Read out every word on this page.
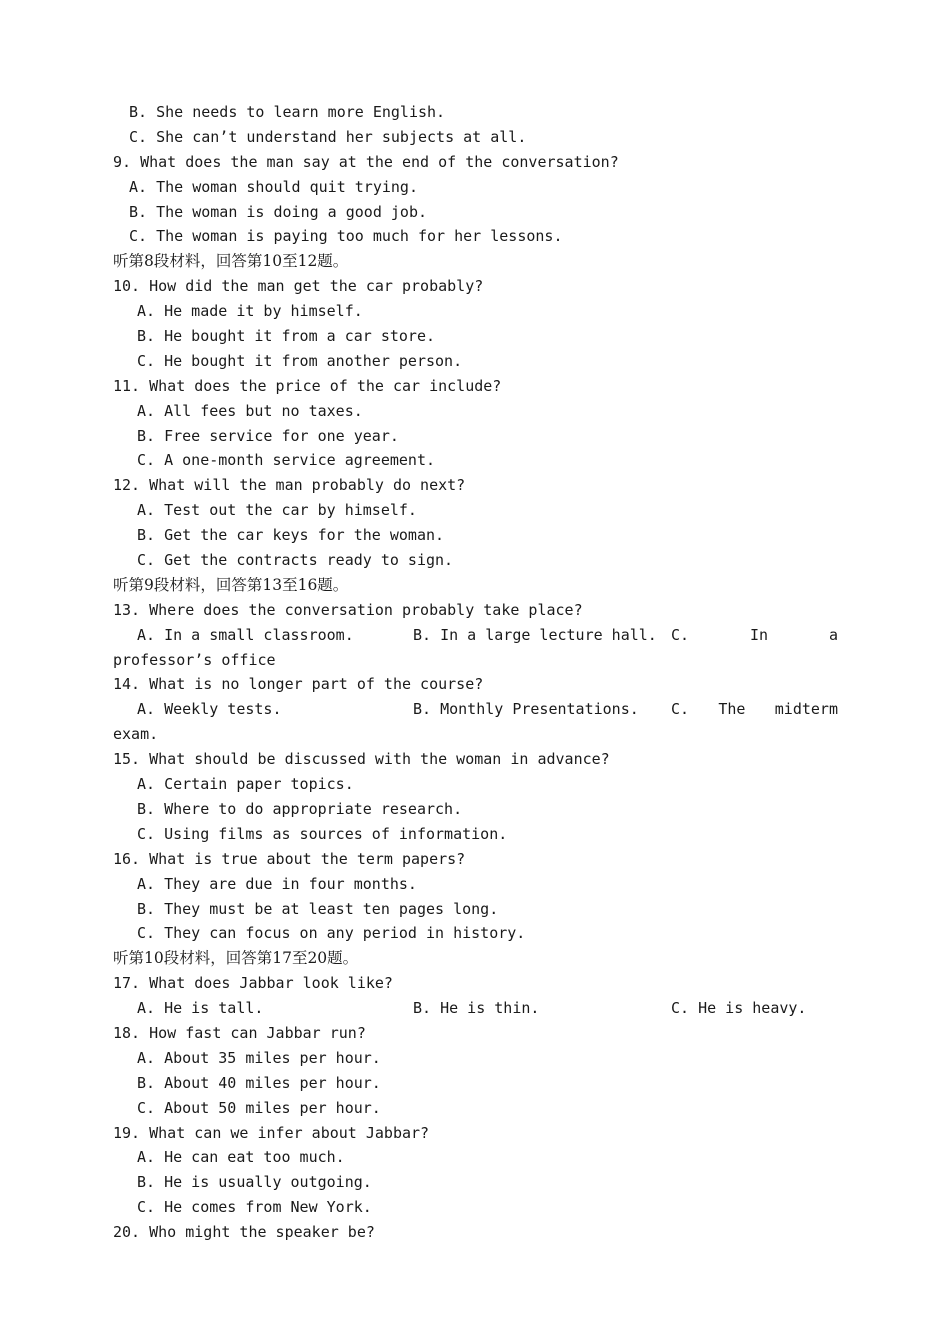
B. She needs to learn more English.
C. She can’t understand her subjects at all.
9. What does the man say at the end of the conversation?
A. The woman should quit trying.
B. The woman is doing a good job.
C. The woman is paying too much for her lessons.
听第8段材料，回答第10至12题。
10. How did the man get the car probably?
A. He made it by himself.
B. He bought it from a car store.
C. He bought it from another person.
11. What does the price of the car include?
A. All fees but no taxes.
B. Free service for one year.
C. A one-month service agreement.
12. What will the man probably do next?
A. Test out the car by himself.
B. Get the car keys for the woman.
C. Get the contracts ready to sign.
听第9段材料，回答第13至16题。
13. Where does the conversation probably take place?
A. In a small classroom.	B. In a large lecture hall. C.	In	a
professor’s office
14. What is no longer part of the course?
A. Weekly tests.	B. Monthly Presentations.	C. The midterm
exam.
15. What should be discussed with the woman in advance?
A. Certain paper topics.
B. Where to do appropriate research.
C. Using films as sources of information.
16. What is true about the term papers?
A. They are due in four months.
B. They must be at least ten pages long.
C. They can focus on any period in history.
听第10段材料，回答第17至20题。
17. What does Jabbar look like?
A. He is tall.	B. He is thin.	C. He is heavy.
18. How fast can Jabbar run?
A. About 35 miles per hour.
B. About 40 miles per hour.
C. About 50 miles per hour.
19. What can we infer about Jabbar?
A. He can eat too much.
B. He is usually outgoing.
C. He comes from New York.
20. Who might the speaker be?
